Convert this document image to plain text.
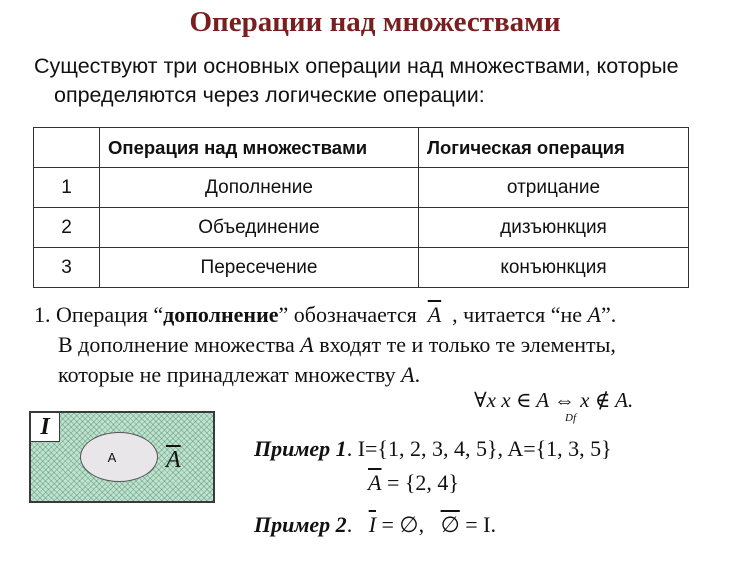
Операции над множествами
Существуют три основных операции над множествами, которые
определяются через логические операции:
	Операция над множествами	Логическая операция
1	Дополнение	отрицание
2	Объединение	дизъюнкция
3	Пересечение	конъюнкция
1. Операция “дополнение” обозначается $\overline{A}$ , читается “не A”.
В дополнение множества A входят те и только те элементы,
которые не принадлежат множеству A.
∀x x ∈ A ⇔ x ∉ A.
Df
I
A $\overline{A}$	Пример 1. I={1, 2, 3, 4, 5}, A={1, 3, 5}
$\overline{A} = \{2$, 4}
Пример 2. $\overline{I}$ = ∅, ∅ = I.
